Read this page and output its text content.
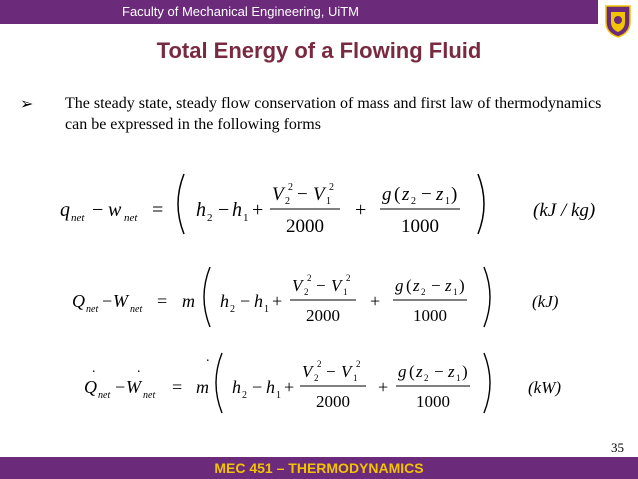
Faculty of Mechanical Engineering, UiTM
Total Energy of a Flowing Fluid
➢ The steady state, steady flow conservation of mass and first law of thermodynamics can be expressed in the following forms
q net − w net = h 2 − h 1 +
V 2
2 − V 1
2
2000
+
g ( z 2 − z 1 )
1000
(kJ / kg)
Q net − W net = m h 2 − h 1 +
V 2
2 − V 1
2
2000
+
g ( z 2 − z 1 )
1000
(kJ)
.	.
.
Q net − W net = m h 2 − h 1 +
V 2
2 − V 1
2
2000
+
g ( z 2 − z 1 )
1000
(kW)
35
MEC 451 – THERMODYNAMICS
